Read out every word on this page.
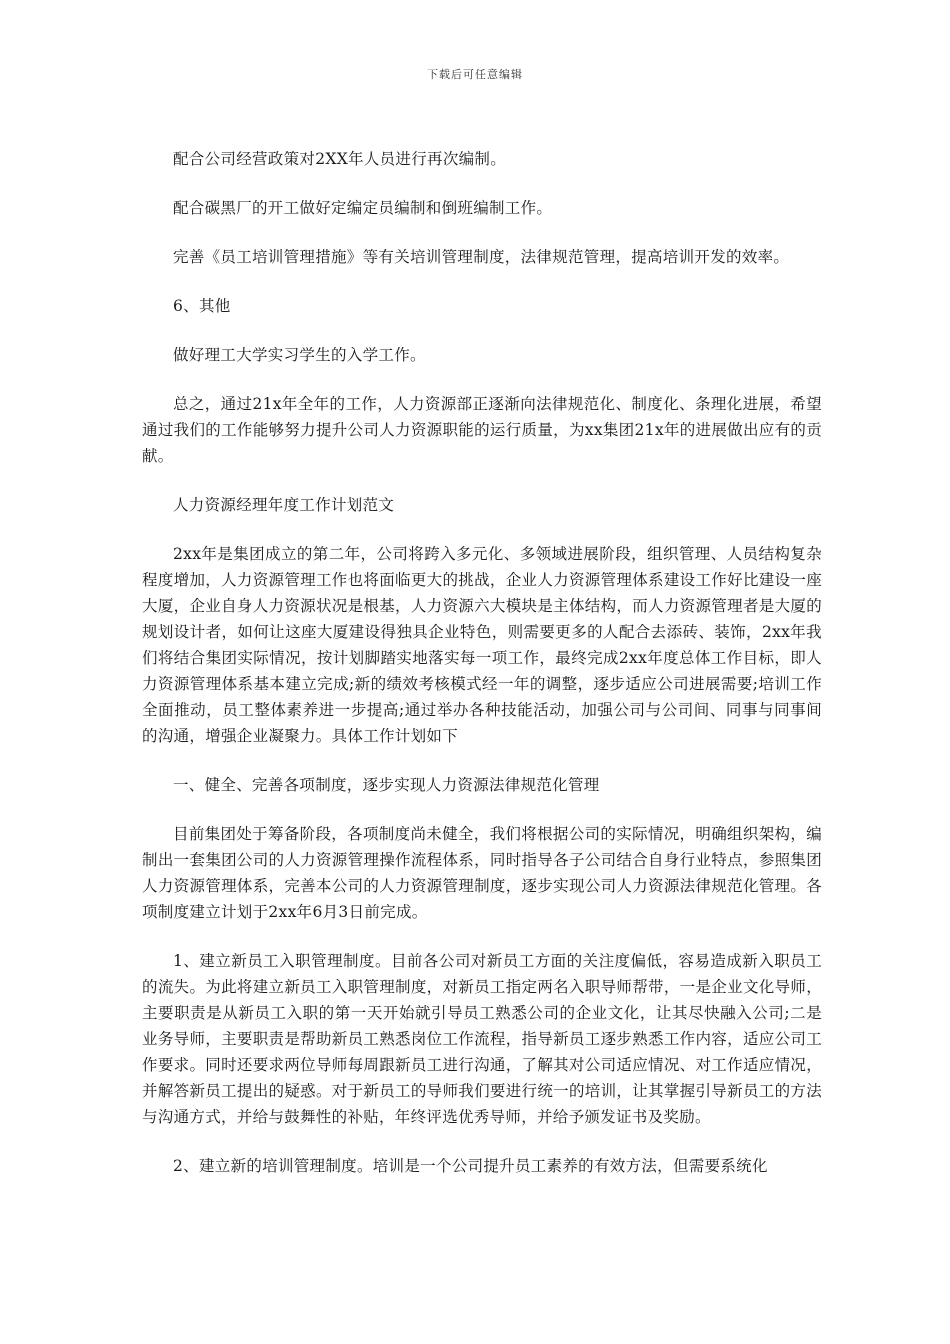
下载后可任意编辑

配合公司经营政策对2XX年人员进行再次编制。

配合碳黑厂的开工做好定编定员编制和倒班编制工作。

完善《员工培训管理措施》等有关培训管理制度，法律规范管理，提高培训开发的效率。

6、其他

做好理工大学实习学生的入学工作。

总之，通过21x年全年的工作，人力资源部正逐渐向法律规范化、制度化、条理化进展，希望通过我们的工作能够努力提升公司人力资源职能的运行质量，为xx集团21x年的进展做出应有的贡献。

人力资源经理年度工作计划范文

2xx年是集团成立的第二年，公司将跨入多元化、多领域进展阶段，组织管理、人员结构复杂程度增加，人力资源管理工作也将面临更大的挑战，企业人力资源管理体系建设工作好比建设一座大厦，企业自身人力资源状况是根基，人力资源六大模块是主体结构，而人力资源管理者是大厦的规划设计者，如何让这座大厦建设得独具企业特色，则需要更多的人配合去添砖、装饰，2xx年我们将结合集团实际情况，按计划脚踏实地落实每一项工作，最终完成2xx年度总体工作目标，即人力资源管理体系基本建立完成;新的绩效考核模式经一年的调整，逐步适应公司进展需要;培训工作全面推动，员工整体素养进一步提高;通过举办各种技能活动，加强公司与公司间、同事与同事间的沟通，增强企业凝聚力。具体工作计划如下

一、健全、完善各项制度，逐步实现人力资源法律规范化管理

目前集团处于筹备阶段，各项制度尚未健全，我们将根据公司的实际情况，明确组织架构，编制出一套集团公司的人力资源管理操作流程体系，同时指导各子公司结合自身行业特点，参照集团人力资源管理体系，完善本公司的人力资源管理制度，逐步实现公司人力资源法律规范化管理。各项制度建立计划于2xx年6月3日前完成。

1、建立新员工入职管理制度。目前各公司对新员工方面的关注度偏低，容易造成新入职员工的流失。为此将建立新员工入职管理制度，对新员工指定两名入职导师帮带，一是企业文化导师，主要职责是从新员工入职的第一天开始就引导员工熟悉公司的企业文化，让其尽快融入公司;二是业务导师，主要职责是帮助新员工熟悉岗位工作流程，指导新员工逐步熟悉工作内容，适应公司工作要求。同时还要求两位导师每周跟新员工进行沟通，了解其对公司适应情况、对工作适应情况，并解答新员工提出的疑惑。对于新员工的导师我们要进行统一的培训，让其掌握引导新员工的方法与沟通方式，并给与鼓舞性的补贴，年终评选优秀导师，并给予颁发证书及奖励。

2、建立新的培训管理制度。培训是一个公司提升员工素养的有效方法，但需要系统化
